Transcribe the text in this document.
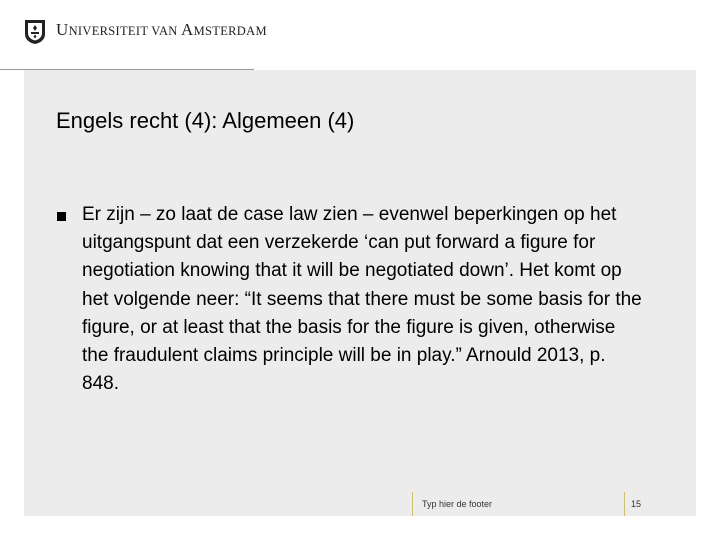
UNIVERSITEIT VAN AMSTERDAM
Engels recht (4): Algemeen (4)

Er zijn – zo laat de case law zien – evenwel beperkingen op het uitgangspunt dat een verzekerde ‘can put forward a figure for negotiation knowing that it will be negotiated down’. Het komt op het volgende neer: “It seems that there must be some basis for the figure, or at least that the basis for the figure is given, otherwise the fraudulent claims principle will be in play.” Arnould 2013, p. 848.

Typ hier de footer	15
